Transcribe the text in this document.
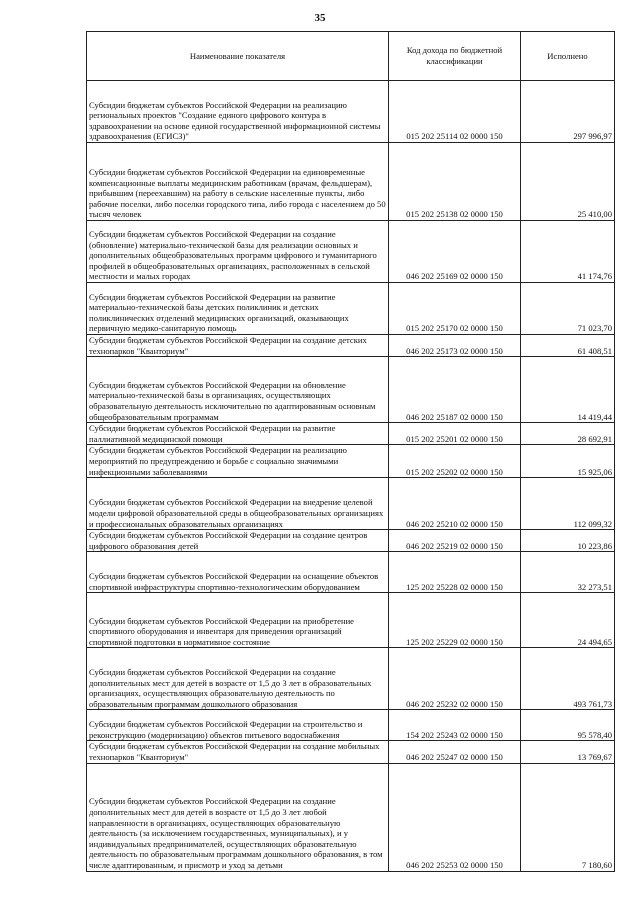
35
Наименование показателя	Код дохода по бюджетной классификации	Исполнено
Субсидии бюджетам субъектов Российской Федерации на реализацию региональных проектов "Создание единого цифрового контура в здравоохранении на основе единой государственной информационной системы здравоохранения (ЕГИСЗ)"	015 202 25114 02 0000 150	297 996,97
Субсидии бюджетам субъектов Российской Федерации на единовременные компенсационные выплаты медицинским работникам (врачам, фельдшерам), прибывшим (переехавшим) на работу в сельские населенные пункты, либо рабочие поселки, либо поселки городского типа, либо города с населением до 50 тысяч человек	015 202 25138 02 0000 150	25 410,00
Субсидии бюджетам субъектов Российской Федерации на создание (обновление) материально-технической базы для реализации основных и дополнительных общеобразовательных программ цифрового и гуманитарного профилей в общеобразовательных организациях, расположенных в сельской местности и малых городах	046 202 25169 02 0000 150	41 174,76
Субсидии бюджетам субъектов Российской Федерации на развитие материально-технической базы детских поликлиник и детских поликлинических отделений медицинских организаций, оказывающих первичную медико-санитарную помощь	015 202 25170 02 0000 150	71 023,70
Субсидии бюджетам субъектов Российской Федерации на создание детских технопарков "Кванториум"	046 202 25173 02 0000 150	61 408,51
Субсидии бюджетам субъектов Российской Федерации на обновление материально-технической базы в организациях, осуществляющих образовательную деятельность исключительно по адаптированным основным общеобразовательным программам	046 202 25187 02 0000 150	14 419,44
Субсидии бюджетам субъектов Российской Федерации на развитие паллиативной медицинской помощи	015 202 25201 02 0000 150	28 692,91
Субсидии бюджетам субъектов Российской Федерации на реализацию мероприятий по предупреждению и борьбе с социально значимыми инфекционными заболеваниями	015 202 25202 02 0000 150	15 925,06
Субсидии бюджетам субъектов Российской Федерации на внедрение целевой модели цифровой образовательной среды в общеобразовательных организациях и профессиональных образовательных организациях	046 202 25210 02 0000 150	112 099,32
Субсидии бюджетам субъектов Российской Федерации на создание центров цифрового образования детей	046 202 25219 02 0000 150	10 223,86
Субсидии бюджетам субъектов Российской Федерации на оснащение объектов спортивной инфраструктуры спортивно-технологическим оборудованием	125 202 25228 02 0000 150	32 273,51
Субсидии бюджетам субъектов Российской Федерации на приобретение спортивного оборудования и инвентаря для приведения организаций спортивной подготовки в нормативное состояние	125 202 25229 02 0000 150	24 494,65
Субсидии бюджетам субъектов Российской Федерации на создание дополнительных мест для детей в возрасте от 1,5 до 3 лет в образовательных организациях, осуществляющих образовательную деятельность по образовательным программам дошкольного образования	046 202 25232 02 0000 150	493 761,73
Субсидии бюджетам субъектов Российской Федерации на строительство и реконструкцию (модернизацию) объектов питьевого водоснабжения	154 202 25243 02 0000 150	95 578,40
Субсидии бюджетам субъектов Российской Федерации на создание мобильных технопарков "Кванториум"	046 202 25247 02 0000 150	13 769,67
Субсидии бюджетам субъектов Российской Федерации на создание дополнительных мест для детей в возрасте от 1,5 до 3 лет любой направленности в организациях, осуществляющих образовательную деятельность (за исключением государственных, муниципальных), и у индивидуальных предпринимателей, осуществляющих образовательную деятельность по образовательным программам дошкольного образования, в том числе адаптированным, и присмотр и уход за детьми	046 202 25253 02 0000 150	7 180,60
